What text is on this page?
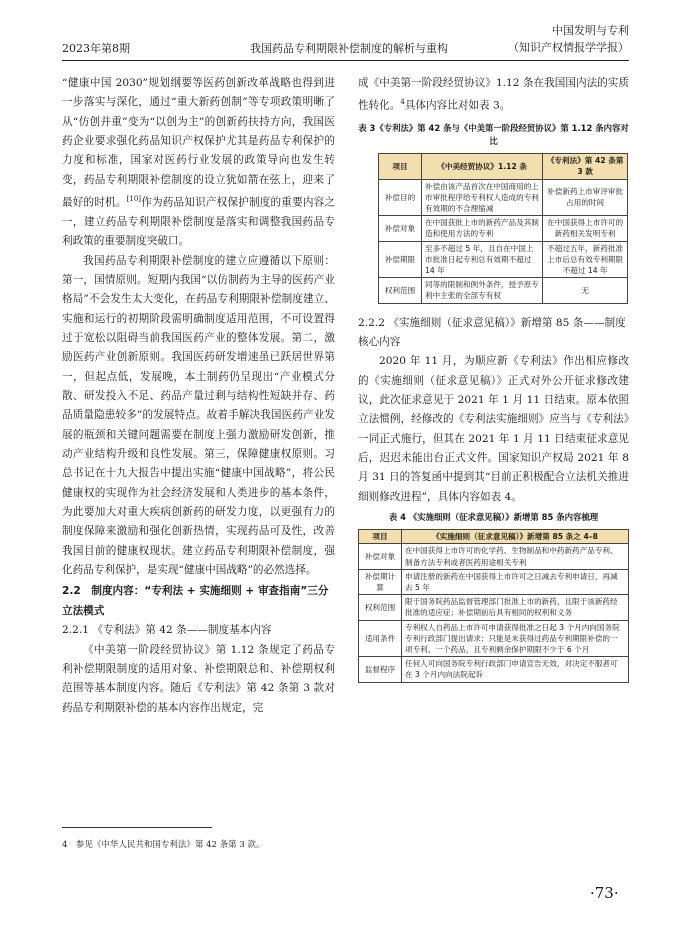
2023年第8期	我国药品专利期限补偿制度的解析与重构
中国发明与专利
（知识产权情报学学报）

“健康中国 2030”规划纲要等医药创新改革战略也得到进一步落实与深化，通过“重大新药创制”等专项政策明晰了从“仿创并重”变为“以创为主”的创新药扶持方向，我国医药企业要求强化药品知识产权保护尤其是药品专利保护的力度和标准，国家对医药行业发展的政策导向也发生转变，药品专利期限补偿制度的设立犹如箭在弦上，迎来了最好的时机。[10]作为药品知识产权保护制度的重要内容之一，建立药品专利期限补偿制度是落实和调整我国药品专利政策的重要制度突破口。

我国药品专利期限补偿制度的建立应遵循以下原则：第一，国情原则。短期内我国“以仿制药为主导的医药产业格局”不会发生太大变化，在药品专利期限补偿制度建立、实施和运行的初期阶段需明确制度适用范围，不可设置得过于宽松以阻碍当前我国医药产业的整体发展。第二，激励医药产业创新原则。我国医药研发增速虽已跃居世界第一，但起点低，发展晚，本土制药仍呈现出“产业模式分散、研发投入不足、药品产量过剩与结构性短缺并存、药品质量隐患较多”的发展特点。故着手解决我国医药产业发展的瓶颈和关键问题需要在制度上强力激励研发创新，推动产业结构升级和良性发展。第三，保障健康权原则。习总书记在十九大报告中提出实施“健康中国战略”，将公民健康权的实现作为社会经济发展和人类进步的基本条件，为此要加大对重大疾病创新药的研发力度，以更强有力的制度保障来激励和强化创新热情，实现药品可及性，改善我国目前的健康权现状。建立药品专利期限补偿制度，强化药品专利保护，是实现“健康中国战略”的必然选择。

2.2　制度内容：“专利法 + 实施细则 + 审查指南”三分立法模式
2.2.1 《专利法》第 42 条——制度基本内容

《中美第一阶段经贸协议》第 1.12 条规定了药品专利补偿期限制度的适用对象、补偿期限总和、补偿期权利范围等基本制度内容。随后《专利法》第 42 条第 3 款对药品专利期限补偿的基本内容作出规定，完

成《中美第一阶段经贸协议》1.12 条在我国国内法的实质性转化。$^4$具体内容比对如表 3。

表 3《专利法》第 42 条与《中美第一阶段经贸协议》第 1.12 条内容对比
项目	《中美经贸协议》1.12 条	《专利法》第 42 条第 3 款
补偿目的	补偿由该产品首次在中国商用的上市审批程序给专利权人造成的专利有效期的不合理缩减	补偿新药上市审评审批占用的时间
补偿对象	在中国获批上市的新药产品及其制造和使用方法的专利	在中国获得上市许可的新药相关发明专利
补偿期限	至多不超过 5 年，且自在中国上市批准日起专利总有效期不超过 14 年	不超过五年，新药批准上市后总有效专利期限不超过 14 年
权利范围	同等的限制和例外条件，授予原专利中主张的全部专有权	无
2.2.2 《实施细则（征求意见稿）》新增第 85 条——制度核心内容

2020 年 11 月，为顺应新《专利法》作出相应修改的《实施细则（征求意见稿）》正式对外公开征求修改建议，此次征求意见于 2021 年 1 月 11 日结束。原本依照立法惯例，经修改的《专利法实施细则》应当与《专利法》一同正式施行，但其在 2021 年 1 月 11 日结束征求意见后，迟迟未能出台正式文件。国家知识产权局 2021 年 8 月 31 日的答复函中提到其“目前正积极配合立法机关推进细则修改进程”，具体内容如表 4。

表 4 《实施细则（征求意见稿）》新增第 85 条内容梳理
项目	《实施细则（征求意见稿）》新增第 85 条之 4–8
补偿对象	在中国获得上市许可的化学药、生物制品和中药新药产品专利、制备方法专利或者医药用途相关专利
补偿期计算	申请注册的新药在中国获得上市许可之日减去专利申请日，再减去 5 年
权利范围	限于国务院药品监督管理部门批准上市的新药，且限于该新药经批准的适应症；补偿期前后具有相同的权利和义务
适用条件	专利权人自药品上市许可申请获得批准之日起 3 个月内向国务院专利行政部门提出请求；只能是未获得过药品专利期限补偿的一项专利、一个药品，且专利剩余保护期限不少于 6 个月
监督程序	任何人可向国务院专利行政部门申请宣告无效，对决定不服者可在 3 个月内向法院起诉
4　参见《中华人民共和国专利法》第 42 条第 3 款。
·73·
